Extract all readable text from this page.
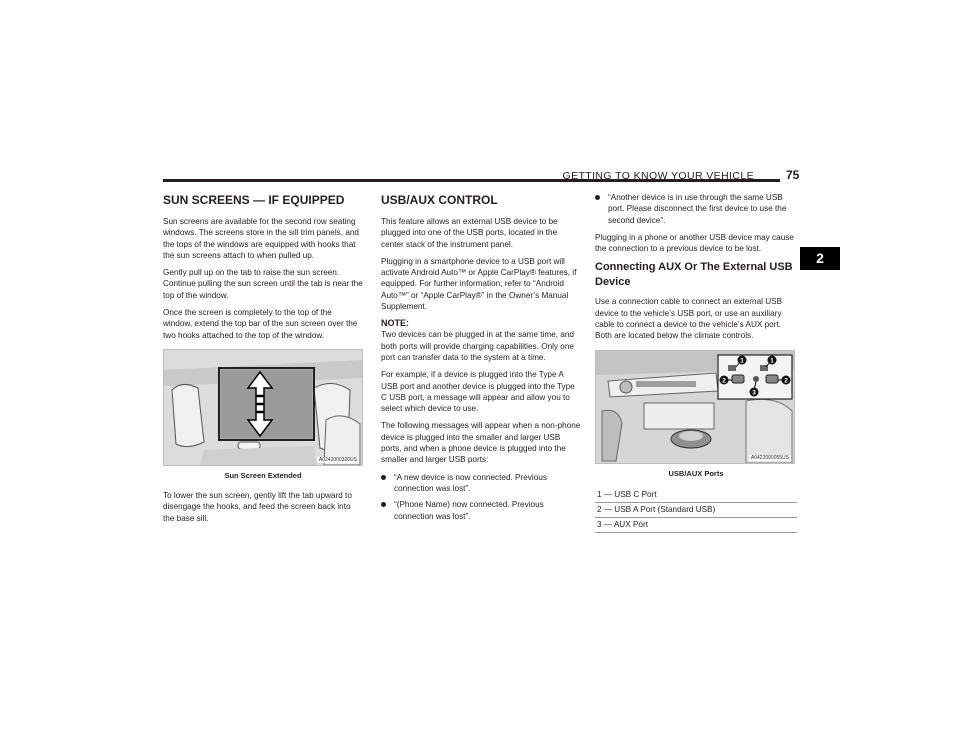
GETTING TO KNOW YOUR VEHICLE	75
2
SUN SCREENS — IF EQUIPPED

Sun screens are available for the second row seating windows. The screens store in the sill trim panels, and the tops of the windows are equipped with hooks that the sun screens attach to when pulled up.

Gently pull up on the tab to raise the sun screen. Continue pulling the sun screen until the tab is near the top of the window.

Once the screen is completely to the top of the window, extend the top bar of the sun screen over the two hooks attached to the top of the window.

A0242000326US
Sun Screen Extended

To lower the sun screen, gently lift the tab upward to disengage the hooks, and feed the screen back into the base sill.

USB/AUX CONTROL

This feature allows an external USB device to be plugged into one of the USB ports, located in the center stack of the instrument panel.

Plugging in a smartphone device to a USB port will activate Android Auto™ or Apple CarPlay® features, if equipped. For further information, refer to “Android Auto™” or “Apple CarPlay®” in the Owner’s Manual Supplement.

NOTE:

Two devices can be plugged in at the same time, and both ports will provide charging capabilities. Only one port can transfer data to the system at a time.

For example, if a device is plugged into the Type A USB port and another device is plugged into the Type C USB port, a message will appear and allow you to select which device to use.

The following messages will appear when a non-phone device is plugged into the smaller and larger USB ports, and when a phone device is plugged into the smaller and larger USB ports:

“A new device is now connected. Previous connection was lost”.
“(Phone Name) now connected. Previous connection was lost”.
“Another device is in use through the same USB port. Please disconnect the first device to use the second device”.

Plugging in a phone or another USB device may cause the connection to a previous device to be lost.

Connecting AUX Or The External USB Device

Use a connection cable to connect an external USB device to the vehicle’s USB port, or use an auxiliary cable to connect a device to the vehicle’s AUX port. Both are located below the climate controls.

1	1
2	2
3
A0422000055US
USB/AUX Ports
1 — USB C Port
2 — USB A Port (Standard USB)
3 — AUX Port
